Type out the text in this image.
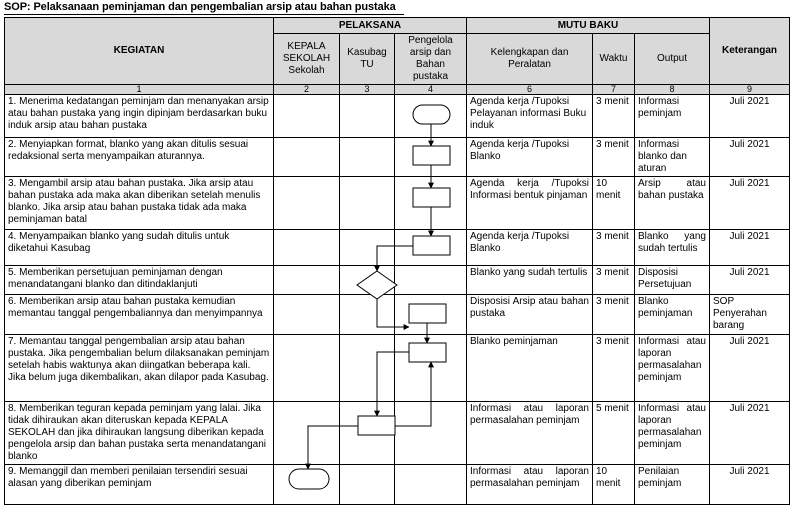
SOP: Pelaksanaan peminjaman dan pengembalian arsip atau bahan pustaka
KEGIATAN	PELAKSANA			MUTU BAKU			Keterangan
	KEPALA SEKOLAH Sekolah	Kasubag TU	Pengelola arsip dan Bahan pustaka	Kelengkapan dan Peralatan	Waktu	Output	
1	2	3	4	6	7	8	9
1. Menerima kedatangan peminjam dan menanyakan arsip atau bahan pustaka yang ingin dipinjam berdasarkan buku induk arsip atau bahan pustaka				Agenda kerja /Tupoksi Pelayanan informasi Buku induk	3 menit	Informasi peminjam	Juli 2021
2. Menyiapkan format, blanko yang akan ditulis sesuai redaksional serta menyampaikan aturannya.				Agenda kerja /Tupoksi Blanko	3 menit	Informasi blanko dan aturan	Juli 2021
3. Mengambil arsip atau bahan pustaka. Jika arsip atau bahan pustaka ada maka akan diberikan setelah menulis blanko. Jika arsip atau bahan pustaka tidak ada maka peminjaman batal				Agenda kerja /Tupoksi Informasi bentuk pinjaman	10 menit	Arsip atau bahan pustaka	Juli 2021
4. Menyampaikan blanko yang sudah ditulis untuk diketahui Kasubag				Agenda kerja /Tupoksi Blanko	3 menit	Blanko yang sudah tertulis	Juli 2021
5. Memberikan persetujuan peminjaman dengan menandatangani blanko dan ditindaklanjuti				Blanko yang sudah tertulis	3 menit	Disposisi Persetujuan	Juli 2021
6. Memberikan arsip atau bahan pustaka kemudian memantau tanggal pengembaliannya dan menyimpannya				Disposisi Arsip atau bahan pustaka	3 menit	Blanko peminjaman	SOP Penyerahan barang
7. Memantau tanggal pengembalian arsip atau bahan pustaka. Jika pengembalian belum dilaksanakan peminjam setelah habis waktunya akan diingatkan beberapa kali. Jika belum juga dikembalikan, akan dilapor pada Kasubag.				Blanko peminjaman	3 menit	Informasi atau laporan permasalahan peminjam	Juli 2021
8. Memberikan teguran kepada peminjam yang lalai. Jika tidak dihiraukan akan diteruskan kepada KEPALA SEKOLAH dan jika dihiraukan langsung diberikan kepada pengelola arsip dan bahan pustaka serta menandatangani blanko				Informasi atau laporan permasalahan peminjam	5 menit	Informasi atau laporan permasalahan peminjam	Juli 2021
9. Memanggil dan memberi penilaian tersendiri sesuai alasan yang diberikan peminjam				Informasi atau laporan permasalahan peminjam	10 menit	Penilaian peminjam	Juli 2021
